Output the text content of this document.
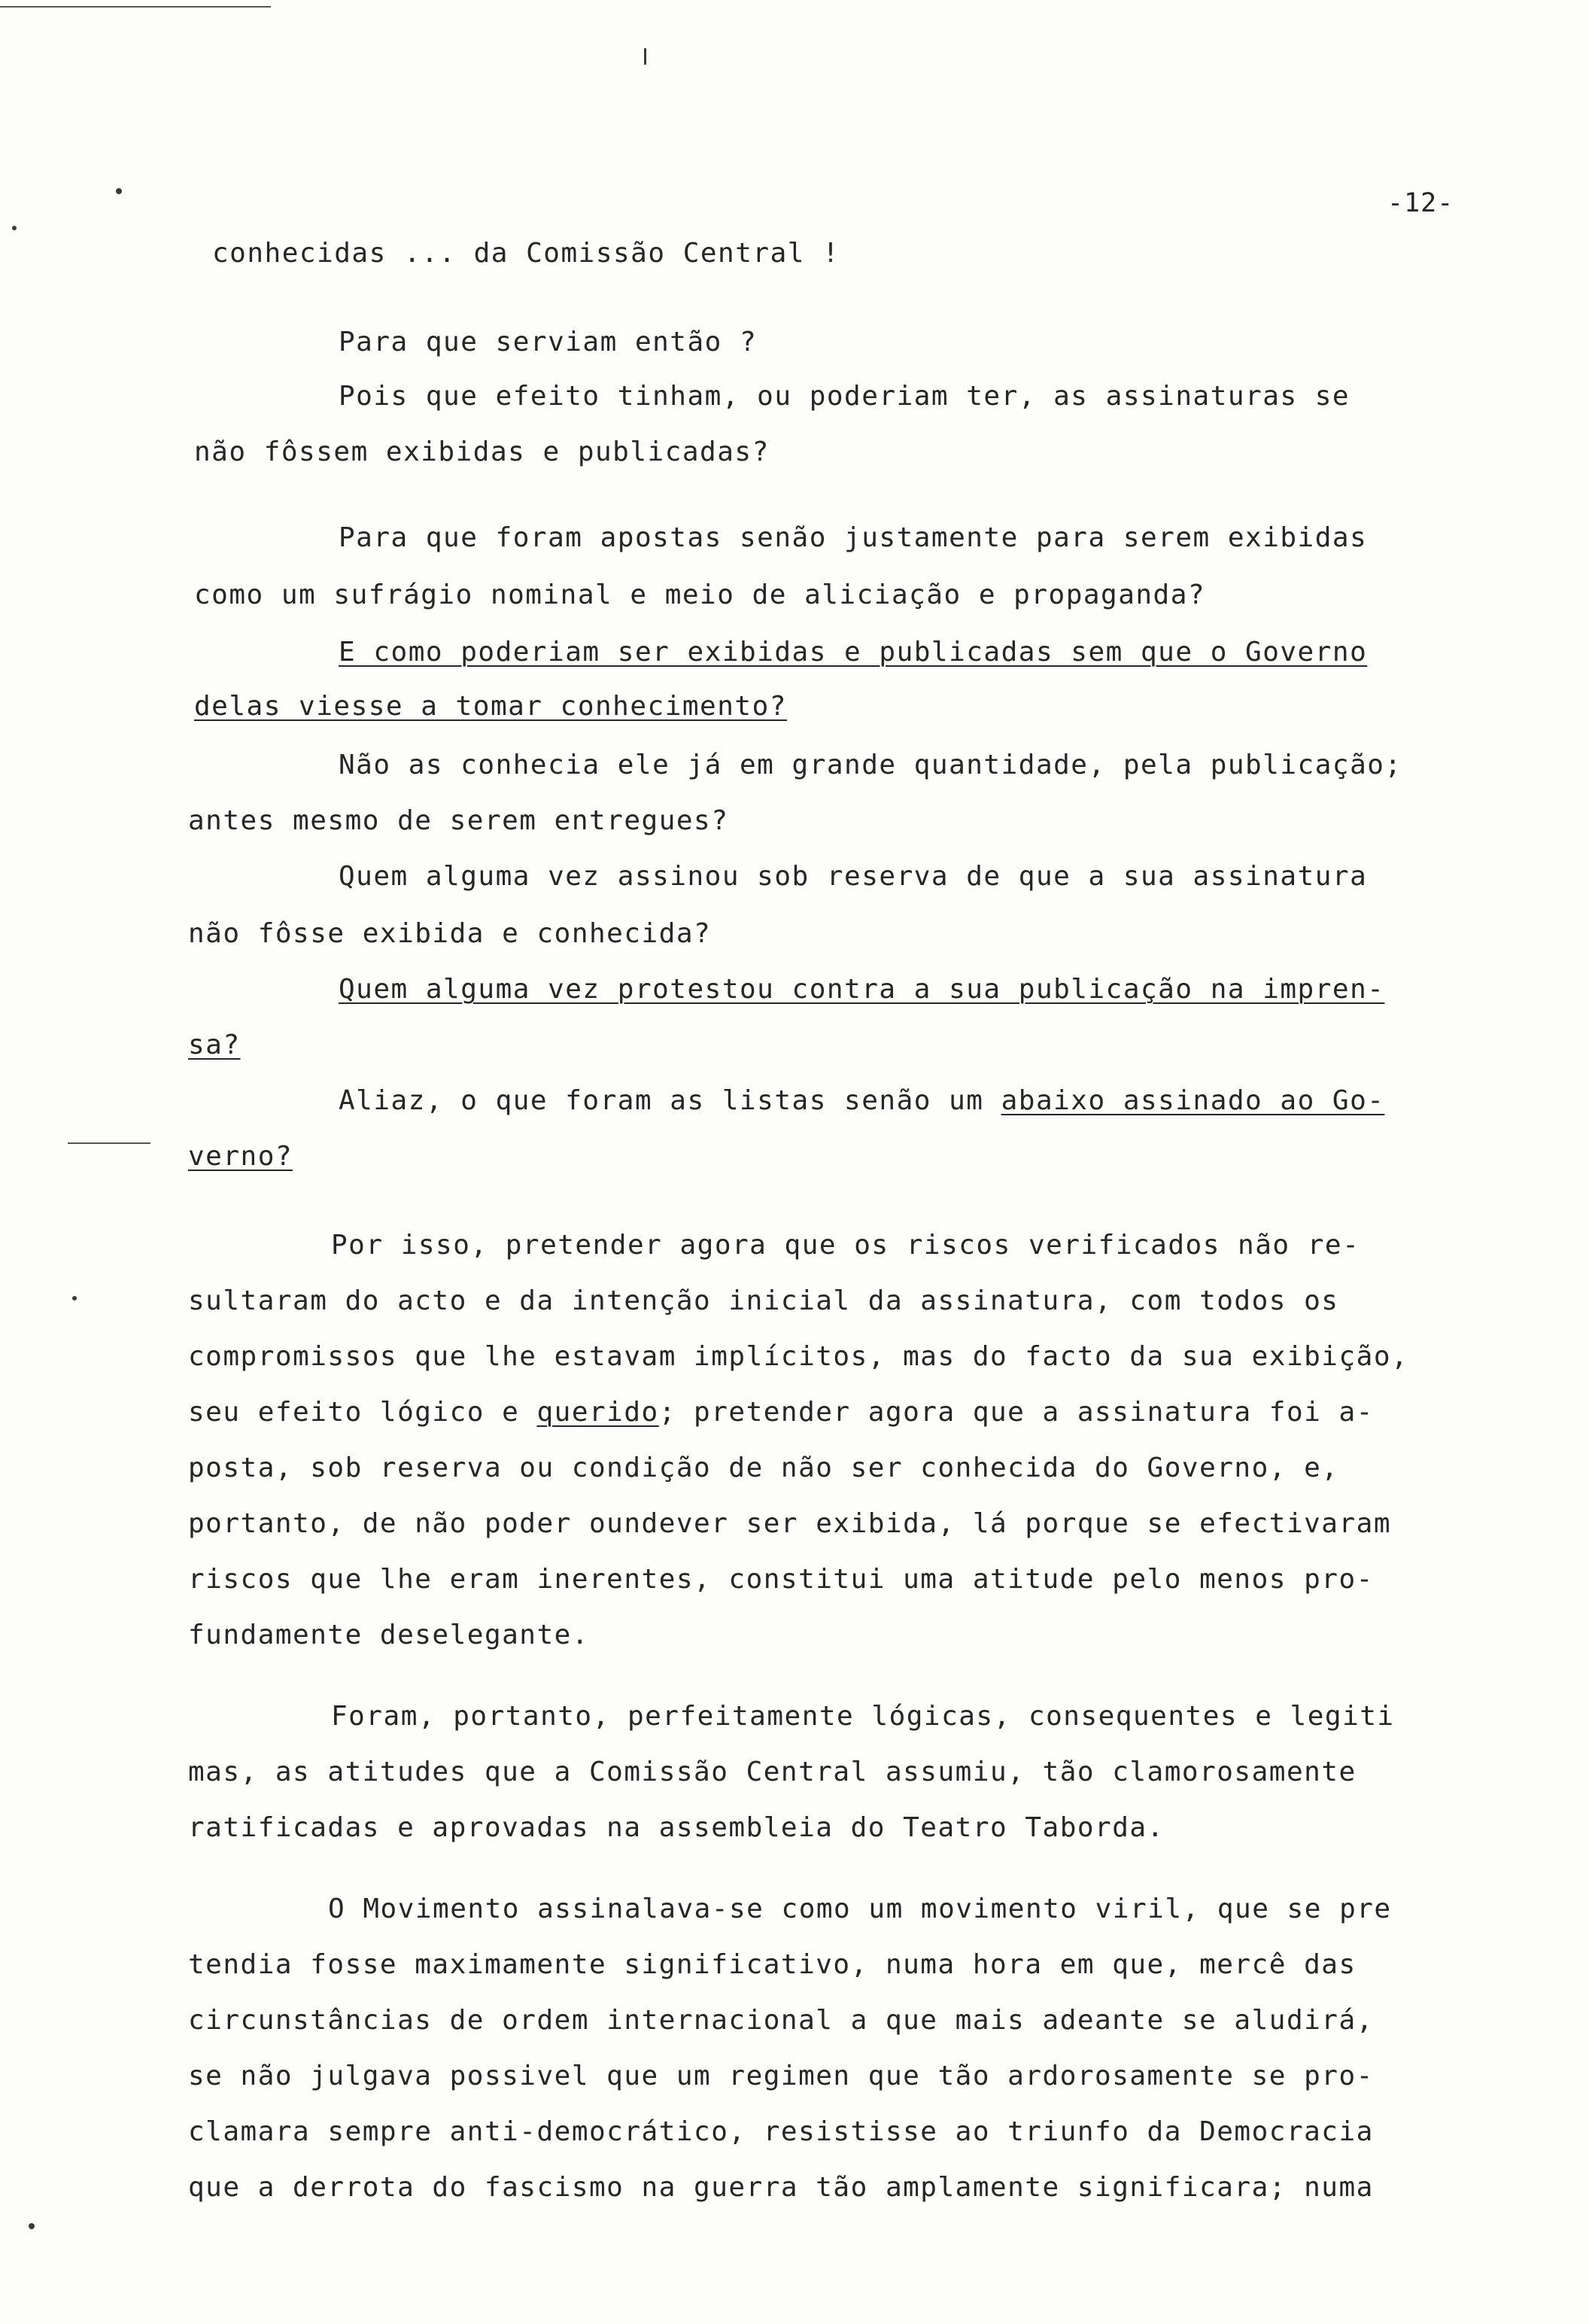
-12-
conhecidas ... da Comissão Central !
Para que serviam então ?
Pois que efeito tinham, ou poderiam ter, as assinaturas se
não fôssem exibidas e publicadas?
Para que foram apostas senão justamente para serem exibidas
como um sufrágio nominal e meio de aliciação e propaganda?
E como poderiam ser exibidas e publicadas sem que o Governo
delas viesse a tomar conhecimento?
Não as conhecia ele já em grande quantidade, pela publicação;
antes mesmo de serem entregues?
Quem alguma vez assinou sob reserva de que a sua assinatura
não fôsse exibida e conhecida?
Quem alguma vez protestou contra a sua publicação na impren-
sa?
Aliaz, o que foram as listas senão um abaixo assinado ao Go-
verno?
Por isso, pretender agora que os riscos verificados não re-
sultaram do acto e da intenção inicial da assinatura, com todos os
compromissos que lhe estavam implícitos, mas do facto da sua exibição,
seu efeito lógico e querido; pretender agora que a assinatura foi a-
posta, sob reserva ou condição de não ser conhecida do Governo, e,
portanto, de não poder oundever ser exibida, lá porque se efectivaram
riscos que lhe eram inerentes, constitui uma atitude pelo menos pro-
fundamente deselegante.
Foram, portanto, perfeitamente lógicas, consequentes e legiti
mas, as atitudes que a Comissão Central assumiu, tão clamorosamente
ratificadas e aprovadas na assembleia do Teatro Taborda.
O Movimento assinalava-se como um movimento viril, que se pre
tendia fosse maximamente significativo, numa hora em que, mercê das
circunstâncias de ordem internacional a que mais adeante se aludirá,
se não julgava possivel que um regimen que tão ardorosamente se pro-
clamara sempre anti-democrático, resistisse ao triunfo da Democracia
que a derrota do fascismo na guerra tão amplamente significara; numa
